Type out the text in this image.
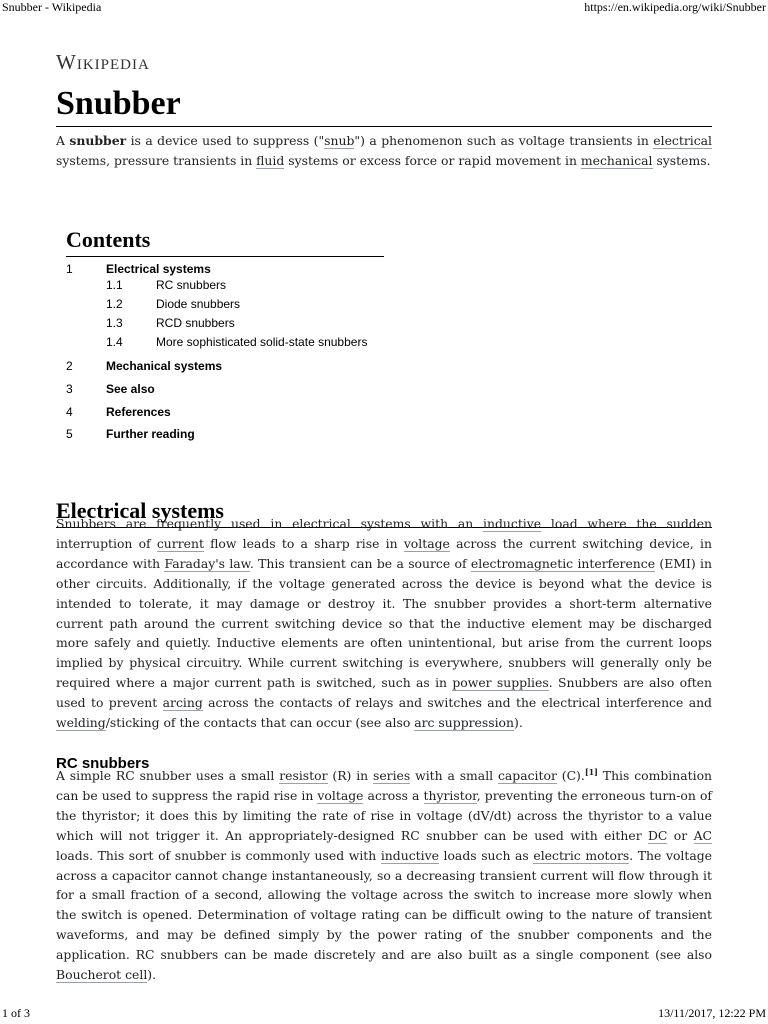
Snubber - Wikipedia	https://en.wikipedia.org/wiki/Snubber
Wikipedia
Snubber

A snubber is a device used to suppress ("snub") a phenomenon such as voltage transients in electrical systems, pressure transients in fluid systems or excess force or rapid movement in mechanical systems.

Contents
1	Electrical systems
1.1	RC snubbers
1.2	Diode snubbers
1.3	RCD snubbers
1.4	More sophisticated solid-state snubbers
2	Mechanical systems
3	See also
4	References
5	Further reading
Electrical systems

Snubbers are frequently used in electrical systems with an inductive load where the sudden interruption of current flow leads to a sharp rise in voltage across the current switching device, in accordance with Faraday's law. This transient can be a source of electromagnetic interference (EMI) in other circuits. Additionally, if the voltage generated across the device is beyond what the device is intended to tolerate, it may damage or destroy it. The snubber provides a short-term alternative current path around the current switching device so that the inductive element may be discharged more safely and quietly. Inductive elements are often unintentional, but arise from the current loops implied by physical circuitry. While current switching is everywhere, snubbers will generally only be required where a major current path is switched, such as in power supplies. Snubbers are also often used to prevent arcing across the contacts of relays and switches and the electrical interference and welding/sticking of the contacts that can occur (see also arc suppression).

RC snubbers

A simple RC snubber uses a small resistor (R) in series with a small capacitor (C).[1] This combination can be used to suppress the rapid rise in voltage across a thyristor, preventing the erroneous turn-on of the thyristor; it does this by limiting the rate of rise in voltage (dV/dt) across the thyristor to a value which will not trigger it. An appropriately-designed RC snubber can be used with either DC or AC loads. This sort of snubber is commonly used with inductive loads such as electric motors. The voltage across a capacitor cannot change instantaneously, so a decreasing transient current will flow through it for a small fraction of a second, allowing the voltage across the switch to increase more slowly when the switch is opened. Determination of voltage rating can be difficult owing to the nature of transient waveforms, and may be defined simply by the power rating of the snubber components and the application. RC snubbers can be made discretely and are also built as a single component (see also Boucherot cell).

1 of 3	13/11/2017, 12:22 PM
